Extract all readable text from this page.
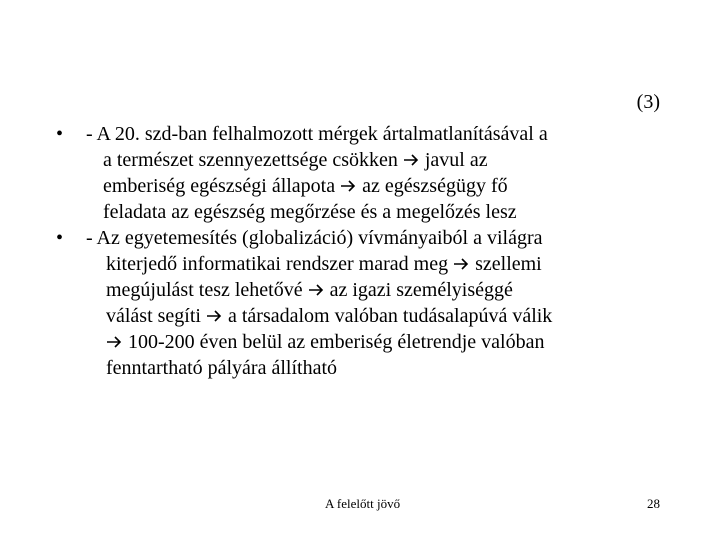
(3)
•	- A 20. szd-ban felhalmozott mérgek ártalmatlanításával a
a természet szennyezettsége csökken  javul az
emberiség egészségi állapota  az egészségügy fő
feladata az egészség megőrzése és a megelőzés lesz
•	- Az egyetemesítés (globalizáció) vívmányaiból a világra
kiterjedő informatikai rendszer marad meg  szellemi
megújulást tesz lehetővé  az igazi személyiséggé
válást segíti  a társadalom valóban tudásalapúvá válik
100-200 éven belül az emberiség életrendje valóban
fenntartható pályára állítható
A felelőtt jövő	28
